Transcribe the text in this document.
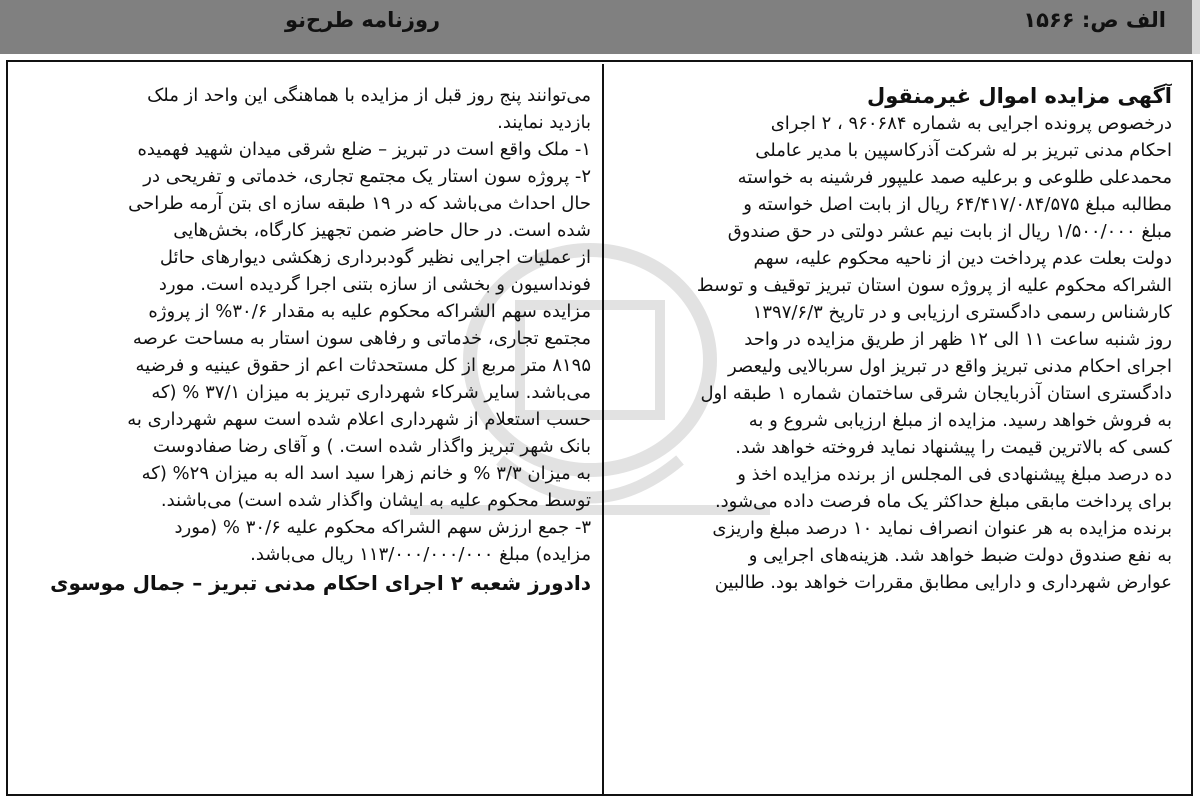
الف ص: ۱۵۶۶
روزنامه طرح‌نو
آگهی مزایده اموال غیرمنقول
درخصوص پرونده اجرایی به شماره ۹۶۰۶۸۴ ، ۲ اجرای
احکام مدنی تبریز بر له شرکت آذرکاسپین با مدیر عاملی
محمدعلی طلوعی و برعلیه صمد علیپور فرشینه به خواسته
مطالبه مبلغ ۶۴/۴۱۷/۰۸۴/۵۷۵ ریال از بابت اصل خواسته و
مبلغ ۱/۵۰۰/۰۰۰ ریال از بابت نیم عشر دولتی در حق صندوق
دولت بعلت عدم پرداخت دین از ناحیه محکوم علیه، سهم
الشراکه محکوم علیه از پروژه سون استان تبریز توقیف و توسط
کارشناس رسمی دادگستری ارزیابی و در تاریخ ۱۳۹۷/۶/۳
روز شنبه ساعت ۱۱ الی ۱۲ ظهر از طریق مزایده در واحد
اجرای احکام مدنی تبریز واقع در تبریز اول سربالایی ولیعصر
دادگستری استان آذربایجان شرقی ساختمان شماره ۱ طبقه اول
به فروش خواهد رسید. مزایده از مبلغ ارزیابی شروع و به
کسی که بالاترین قیمت را پیشنهاد نماید فروخته خواهد شد.
ده درصد مبلغ پیشنهادی فی المجلس از برنده مزایده اخذ و
برای پرداخت مابقی مبلغ حداکثر یک ماه فرصت داده می‌شود.
برنده مزایده به هر عنوان انصراف نماید ۱۰ درصد مبلغ واریزی
به نفع صندوق دولت ضبط خواهد شد. هزینه‌های اجرایی و
عوارض شهرداری و دارایی مطابق مقررات خواهد بود. طالبین
می‌توانند پنج روز قبل از مزایده با هماهنگی این واحد از ملک
بازدید نمایند.
۱- ملک واقع است در تبریز – ضلع شرقی میدان شهید فهمیده
۲- پروژه سون استار یک مجتمع تجاری، خدماتی و تفریحی در
حال احداث می‌باشد که در ۱۹ طبقه سازه ای بتن آرمه طراحی
شده است. در حال حاضر ضمن تجهیز کارگاه، بخش‌هایی
از عملیات اجرایی نظیر گودبرداری زهکشی دیوارهای حائل
فونداسیون و بخشی از سازه بتنی اجرا گردیده است. مورد
مزایده سهم الشراکه محکوم علیه به مقدار ۳۰/۶% از پروژه
مجتمع تجاری، خدماتی و رفاهی سون استار به مساحت عرصه
۸۱۹۵ متر مربع از کل مستحدثات اعم از حقوق عینیه و فرضیه
می‌باشد. سایر شرکاء شهرداری تبریز به میزان ۳۷/۱ % (که
حسب استعلام از شهرداری اعلام شده است سهم شهرداری به
بانک شهر تبریز واگذار شده است. ) و آقای رضا صفادوست
به میزان ۳/۳ % و خانم زهرا سید اسد اله به میزان ۲۹% (که
توسط محکوم علیه به ایشان واگذار شده است) می‌باشند.
۳- جمع ارزش سهم الشراکه محکوم علیه ۳۰/۶ % (مورد
مزایده) مبلغ ۱۱۳/۰۰۰/۰۰۰/۰۰۰ ریال می‌باشد.
دادورز شعبه ۲ اجرای احکام مدنی تبریز – جمال موسوی
